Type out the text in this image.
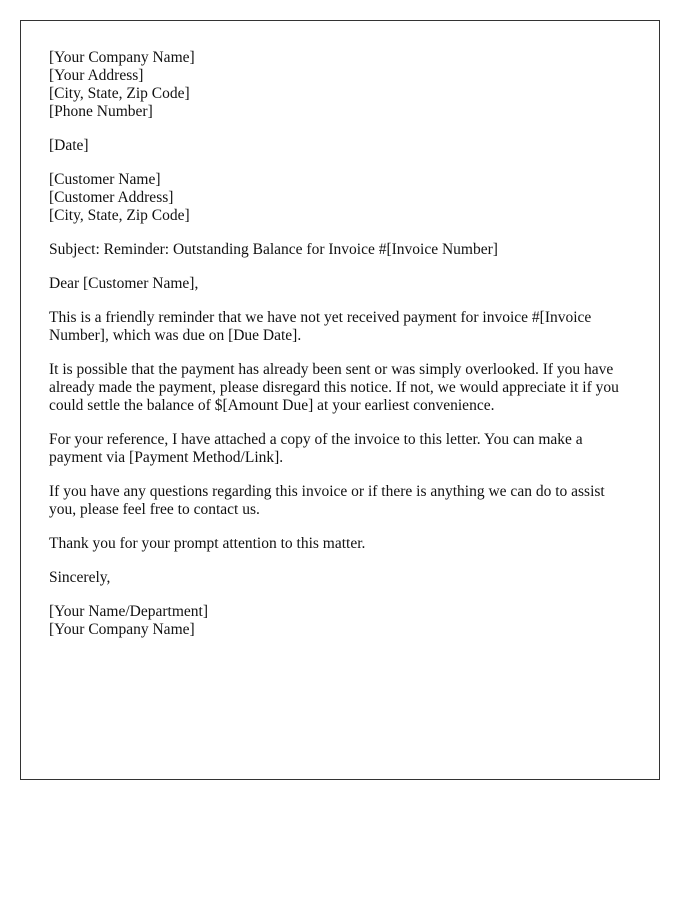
[Your Company Name]
[Your Address]
[City, State, Zip Code]
[Phone Number]
[Date]
[Customer Name]
[Customer Address]
[City, State, Zip Code]

Subject: Reminder: Outstanding Balance for Invoice #[Invoice Number]

Dear [Customer Name],

This is a friendly reminder that we have not yet received payment for invoice #[Invoice Number], which was due on [Due Date].

It is possible that the payment has already been sent or was simply overlooked. If you have already made the payment, please disregard this notice. If not, we would appreciate it if you could settle the balance of $[Amount Due] at your earliest convenience.

For your reference, I have attached a copy of the invoice to this letter. You can make a payment via [Payment Method/Link].

If you have any questions regarding this invoice or if there is anything we can do to assist you, please feel free to contact us.

Thank you for your prompt attention to this matter.

Sincerely,

[Your Name/Department]
[Your Company Name]
